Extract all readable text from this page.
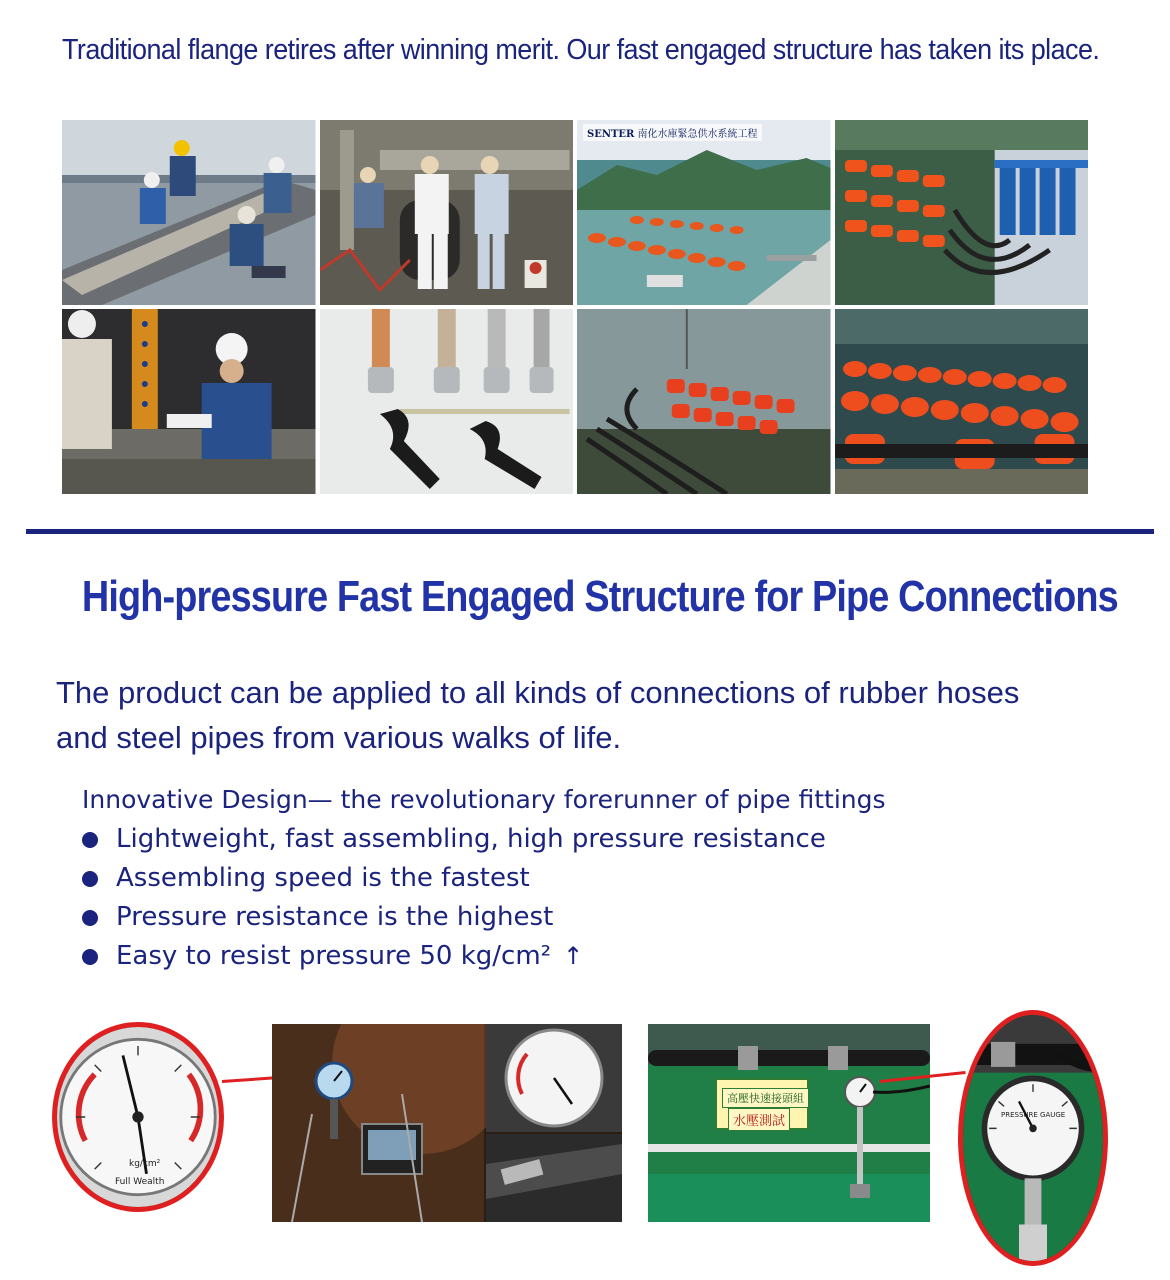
Traditional flange retires after winning merit. Our fast engaged structure has taken its place.
SENTER 南化水庫緊急供水系統工程
High-pressure Fast Engaged Structure for Pipe Connections
The product can be applied to all kinds of connections of rubber hoses
and steel pipes from various walks of life.
Innovative Design— the revolutionary forerunner of pipe fittings
Lightweight, fast assembling, high pressure resistance
Assembling speed is the fastest
Pressure resistance is the highest
Easy to resist pressure 50 kg/cm² ↑
kg/cm²
Full Wealth
高壓快速接頭組
水壓測試	PRESSURE GAUGE
